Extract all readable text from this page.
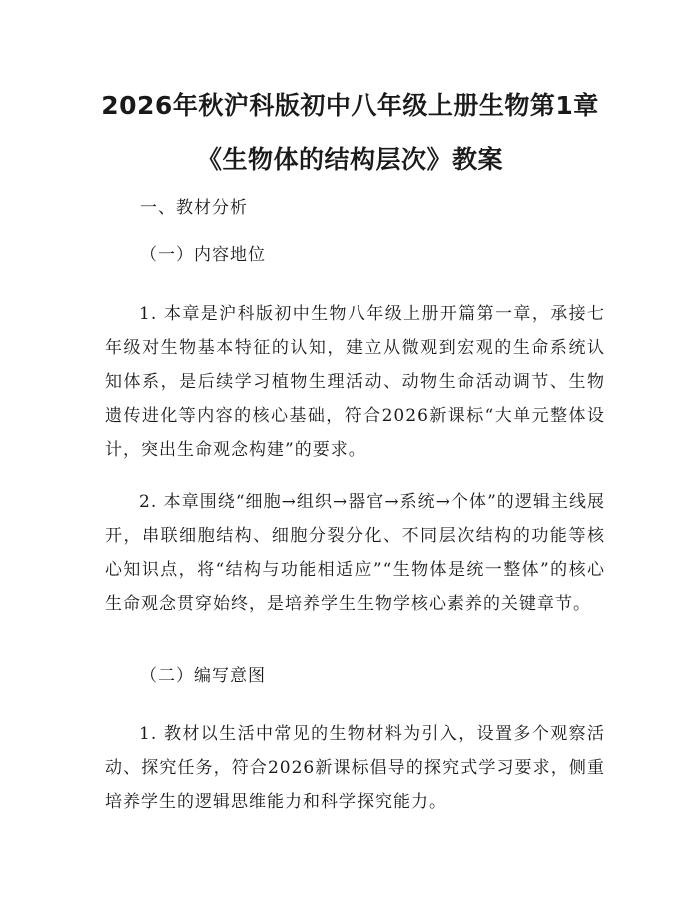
2026年秋沪科版初中八年级上册生物第1章
《生物体的结构层次》教案
一、教材分析
（一）内容地位

1. 本章是沪科版初中生物八年级上册开篇第一章，承接七年级对生物基本特征的认知，建立从微观到宏观的生命系统认知体系，是后续学习植物生理活动、动物生命活动调节、生物遗传进化等内容的核心基础，符合2026新课标“大单元整体设计，突出生命观念构建”的要求。

2. 本章围绕“细胞→组织→器官→系统→个体”的逻辑主线展开，串联细胞结构、细胞分裂分化、不同层次结构的功能等核心知识点，将“结构与功能相适应”“生物体是统一整体”的核心生命观念贯穿始终，是培养学生生物学核心素养的关键章节。

（二）编写意图

1. 教材以生活中常见的生物材料为引入，设置多个观察活动、探究任务，符合2026新课标倡导的探究式学习要求，侧重培养学生的逻辑思维能力和科学探究能力。
